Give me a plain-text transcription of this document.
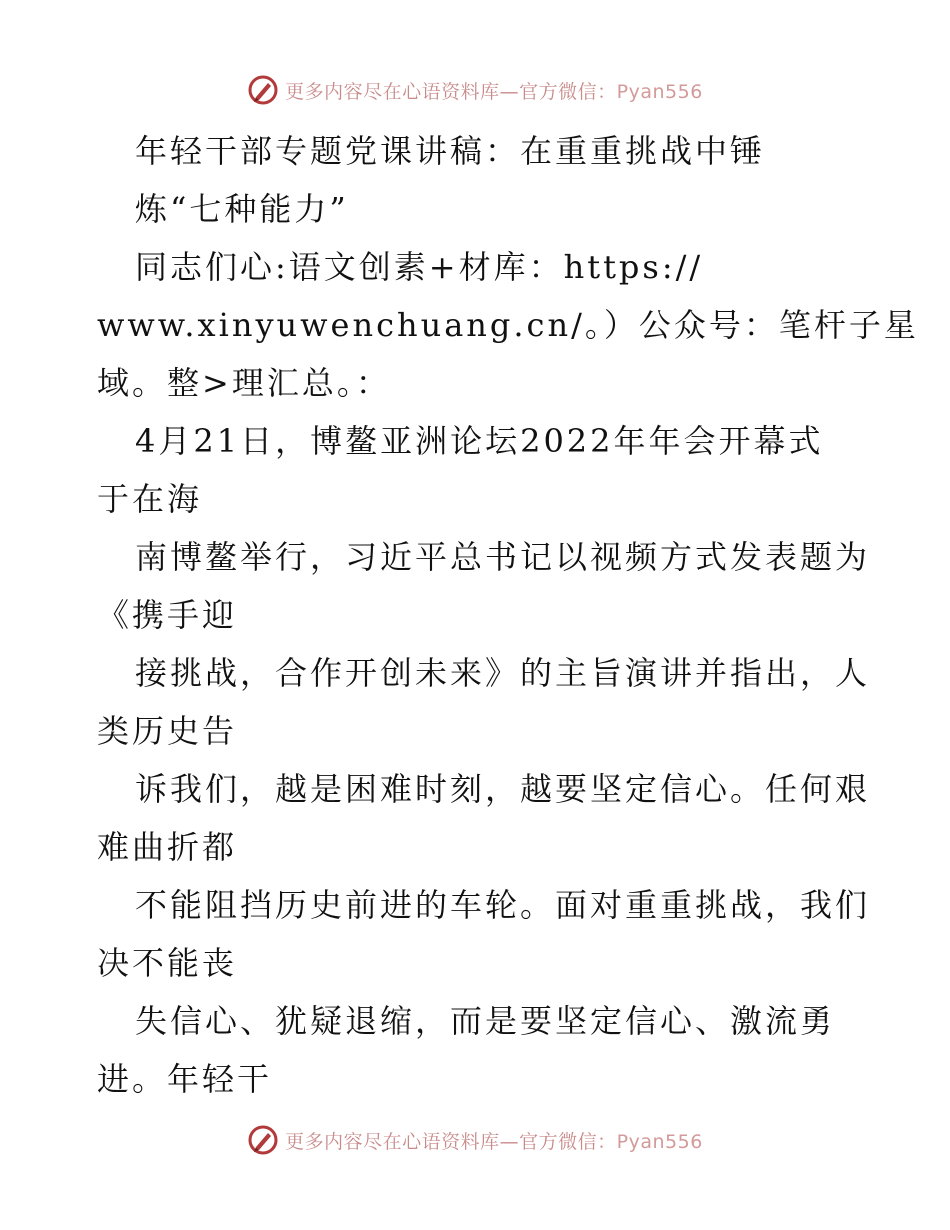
更多内容尽在心语资料库—官方微信：Pyan556
年轻干部专题党课讲稿：在重重挑战中锤
炼“七种能力”
同志们心:语文创素+材库：https://
www.xinyuwenchuang.cn/。）公众号：笔杆子星
域。整>理汇总。：
4月21日，博鳌亚洲论坛2022年年会开幕式
于在海
南博鳌举行，习近平总书记以视频方式发表题为
《携手迎
接挑战，合作开创未来》的主旨演讲并指出，人
类历史告
诉我们，越是困难时刻，越要坚定信心。任何艰
难曲折都
不能阻挡历史前进的车轮。面对重重挑战，我们
决不能丧
失信心、犹疑退缩，而是要坚定信心、激流勇
进。年轻干
更多内容尽在心语资料库—官方微信：Pyan556
